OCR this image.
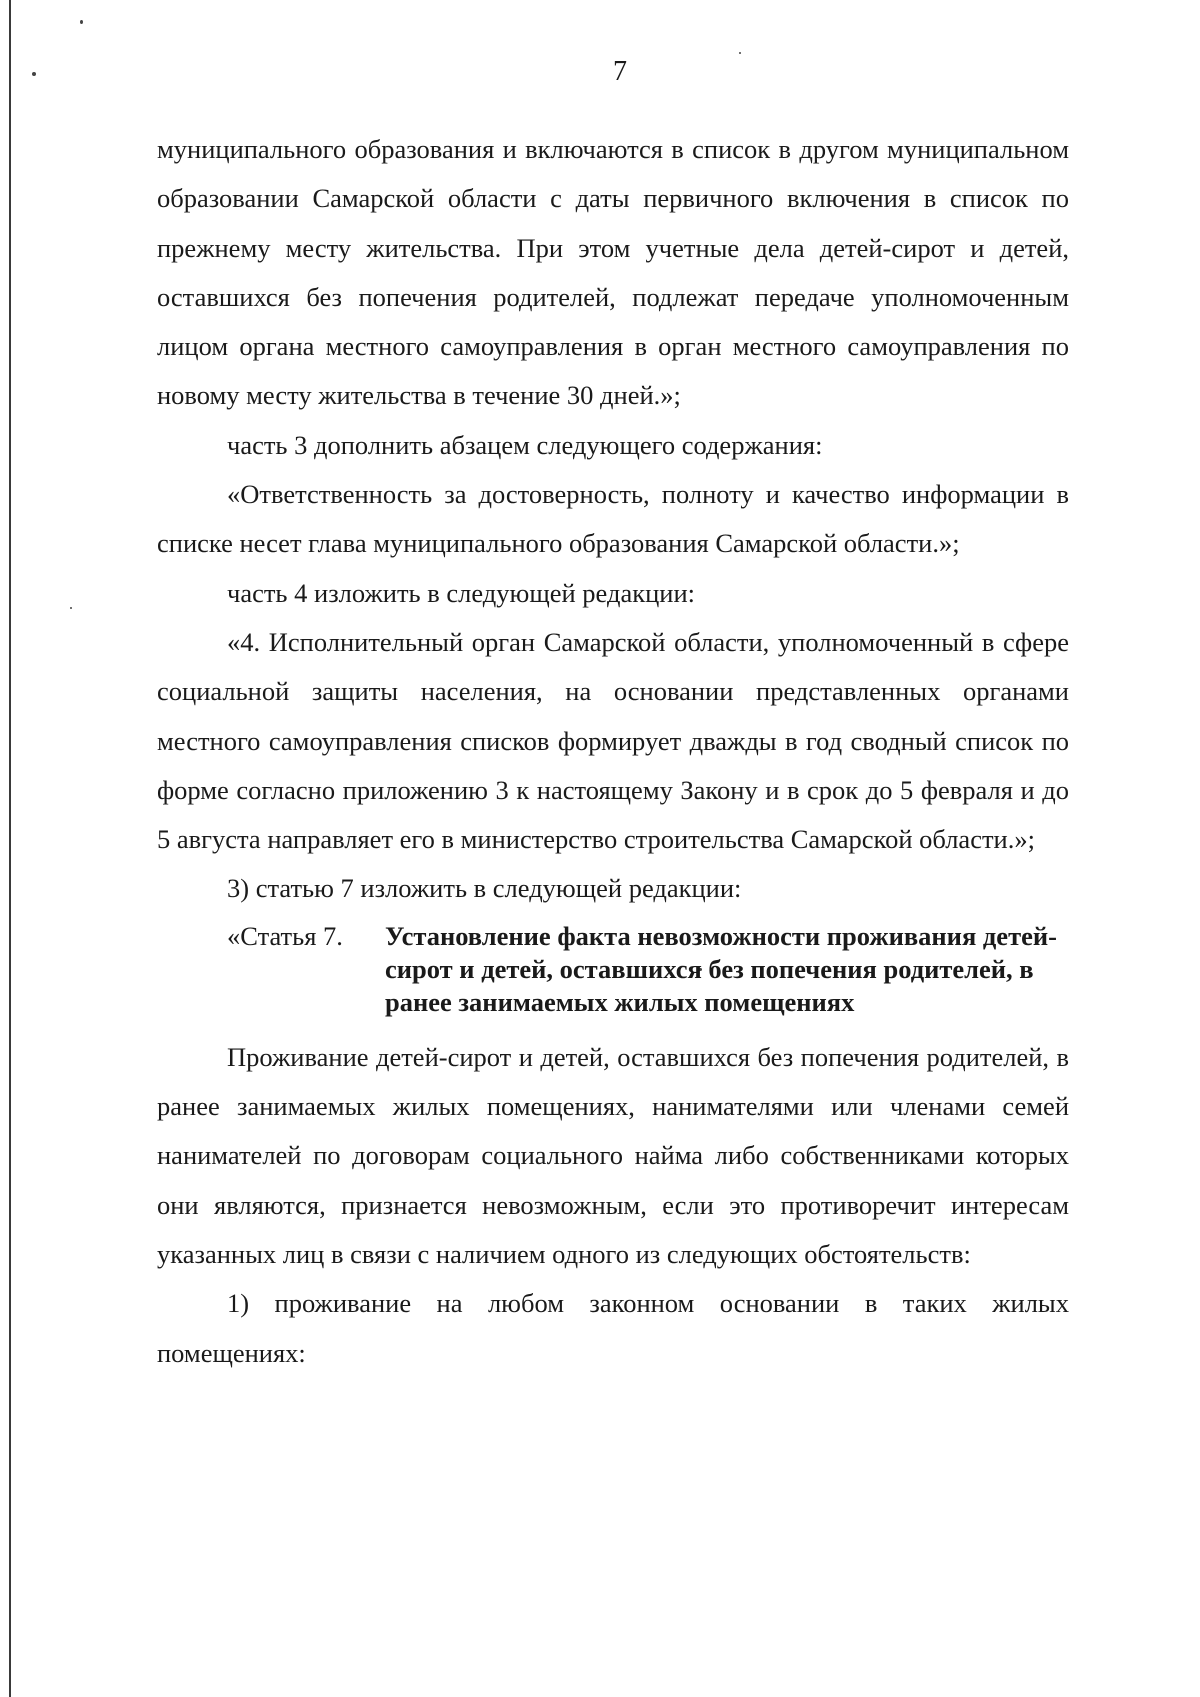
7

муниципального образования и включаются в список в другом муниципальном образовании Самарской области с даты первичного включения в список по прежнему месту жительства. При этом учетные дела детей-сирот и детей, оставшихся без попечения родителей, подлежат передаче уполномоченным лицом органа местного самоуправления в орган местного самоуправления по новому месту жительства в течение 30 дней.»;

часть 3 дополнить абзацем следующего содержания:

«Ответственность за достоверность, полноту и качество информации в списке несет глава муниципального образования Самарской области.»;

часть 4 изложить в следующей редакции:

«4. Исполнительный орган Самарской области, уполномоченный в сфере социальной защиты населения, на основании представленных органами местного самоуправления списков формирует дважды в год сводный список по форме согласно приложению 3 к настоящему Закону и в срок до 5 февраля и до 5 августа направляет его в министерство строительства Самарской области.»;

3) статью 7 изложить в следующей редакции:

«Статья 7.	Установление факта невозможности проживания детей-сирот и детей, оставшихся без попечения родителей, в ранее занимаемых жилых помещениях

Проживание детей-сирот и детей, оставшихся без попечения родителей, в ранее занимаемых жилых помещениях, нанимателями или членами семей нанимателей по договорам социального найма либо собственниками которых они являются, признается невозможным, если это противоречит интересам указанных лиц в связи с наличием одного из следующих обстоятельств:

1) проживание на любом законном основании в таких жилых помещениях:
